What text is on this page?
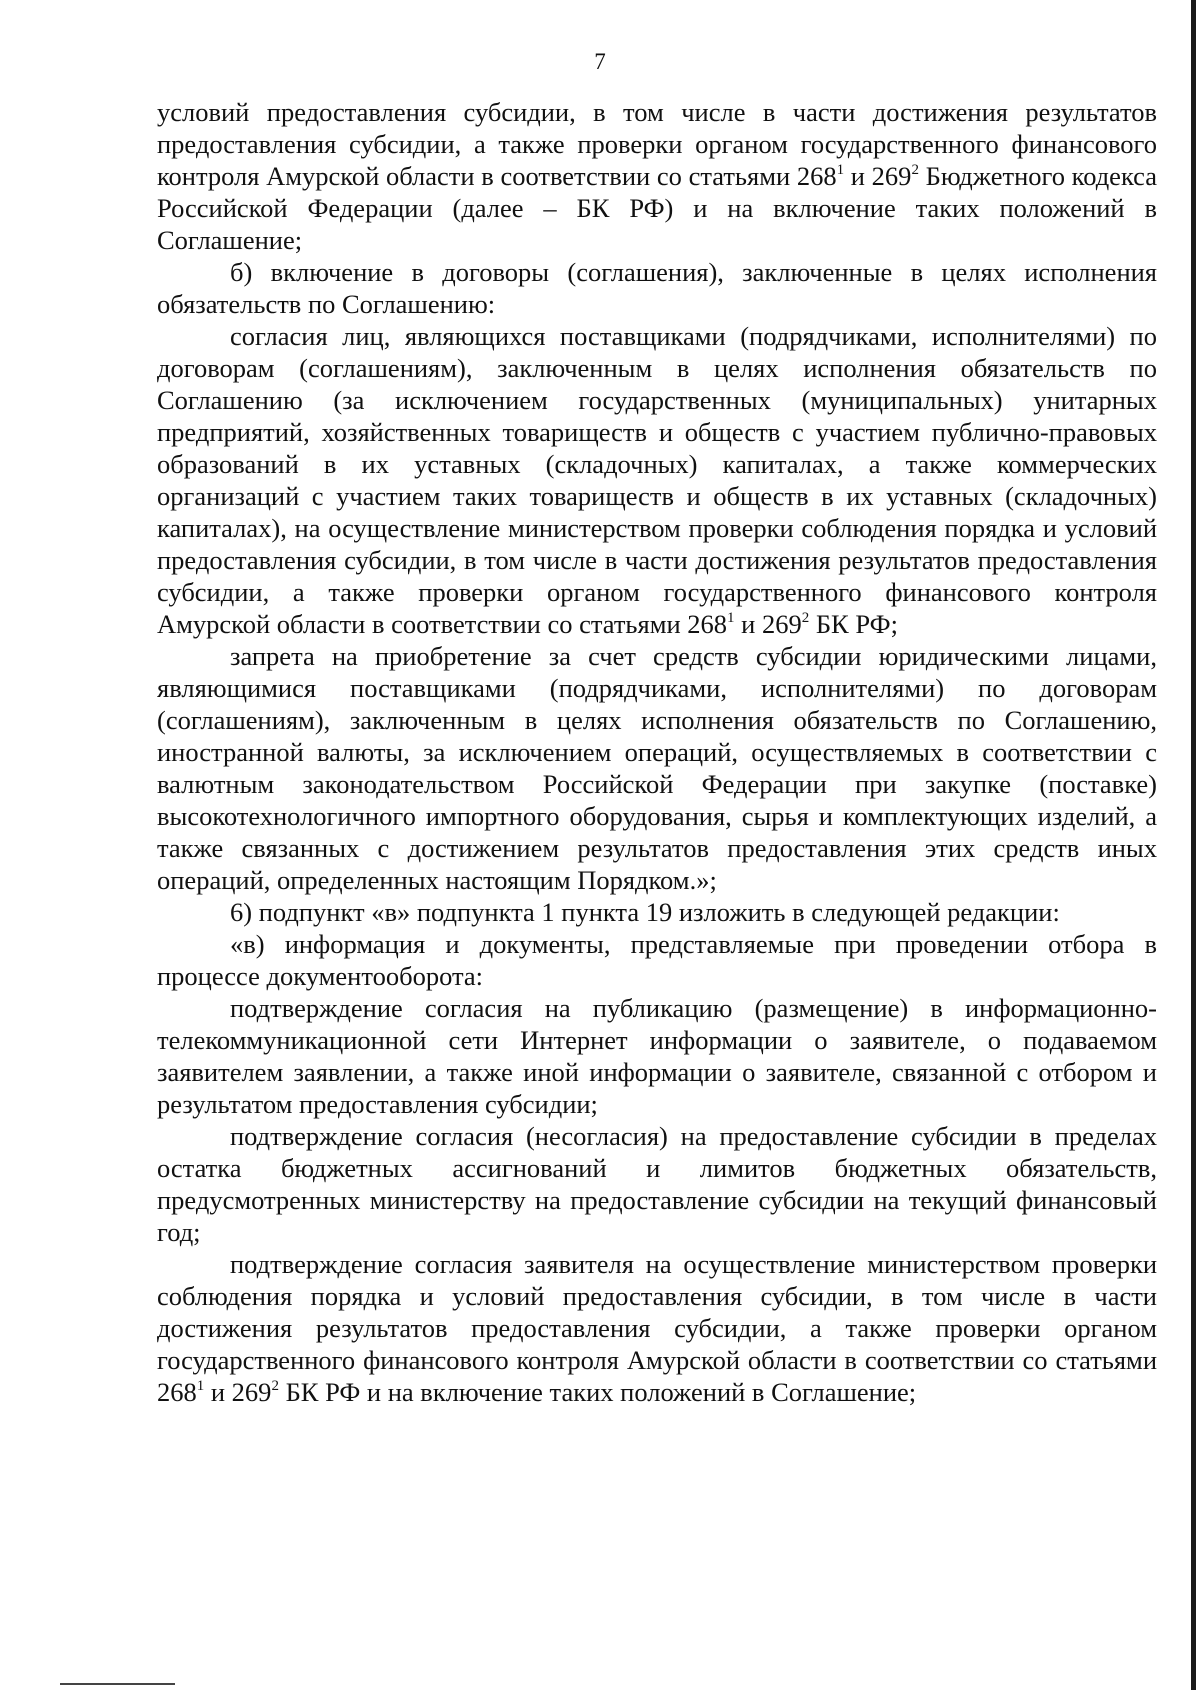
7

условий предоставления субсидии, в том числе в части достижения результатов предоставления субсидии, а также проверки органом государственного финансового контроля Амурской области в соответствии со статьями $268^1$ и $269^2$ Бюджетного кодекса Российской Федерации (далее – БК РФ) и на включение таких положений в Соглашение;

б) включение в договоры (соглашения), заключенные в целях исполнения обязательств по Соглашению:

согласия лиц, являющихся поставщиками (подрядчиками, исполнителями) по договорам (соглашениям), заключенным в целях исполнения обязательств по Соглашению (за исключением государственных (муниципальных) унитарных предприятий, хозяйственных товариществ и обществ с участием публично-правовых образований в их уставных (складочных) капиталах, а также коммерческих организаций с участием таких товариществ и обществ в их уставных (складочных) капиталах), на осуществление министерством проверки соблюдения порядка и условий предоставления субсидии, в том числе в части достижения результатов предоставления субсидии, а также проверки органом государственного финансового контроля Амурской области в соответствии со статьями $268^1$ и $269^2$ БК РФ;

запрета на приобретение за счет средств субсидии юридическими лицами, являющимися поставщиками (подрядчиками, исполнителями) по договорам (соглашениям), заключенным в целях исполнения обязательств по Соглашению, иностранной валюты, за исключением операций, осуществляемых в соответствии с валютным законодательством Российской Федерации при закупке (поставке) высокотехнологичного импортного оборудования, сырья и комплектующих изделий, а также связанных с достижением результатов предоставления этих средств иных операций, определенных настоящим Порядком.»;

6) подпункт «в» подпункта 1 пункта 19 изложить в следующей редакции:

«в) информация и документы, представляемые при проведении отбора в процессе документооборота:

подтверждение согласия на публикацию (размещение) в информационно-телекоммуникационной сети Интернет информации о заявителе, о подаваемом заявителем заявлении, а также иной информации о заявителе, связанной с отбором и результатом предоставления субсидии;

подтверждение согласия (несогласия) на предоставление субсидии в пределах остатка бюджетных ассигнований и лимитов бюджетных обязательств, предусмотренных министерству на предоставление субсидии на текущий финансовый год;

подтверждение согласия заявителя на осуществление министерством проверки соблюдения порядка и условий предоставления субсидии, в том числе в части достижения результатов предоставления субсидии, а также проверки органом государственного финансового контроля Амурской области в соответствии со статьями $268^1$ и $269^2$ БК РФ и на включение таких положений в Соглашение;
